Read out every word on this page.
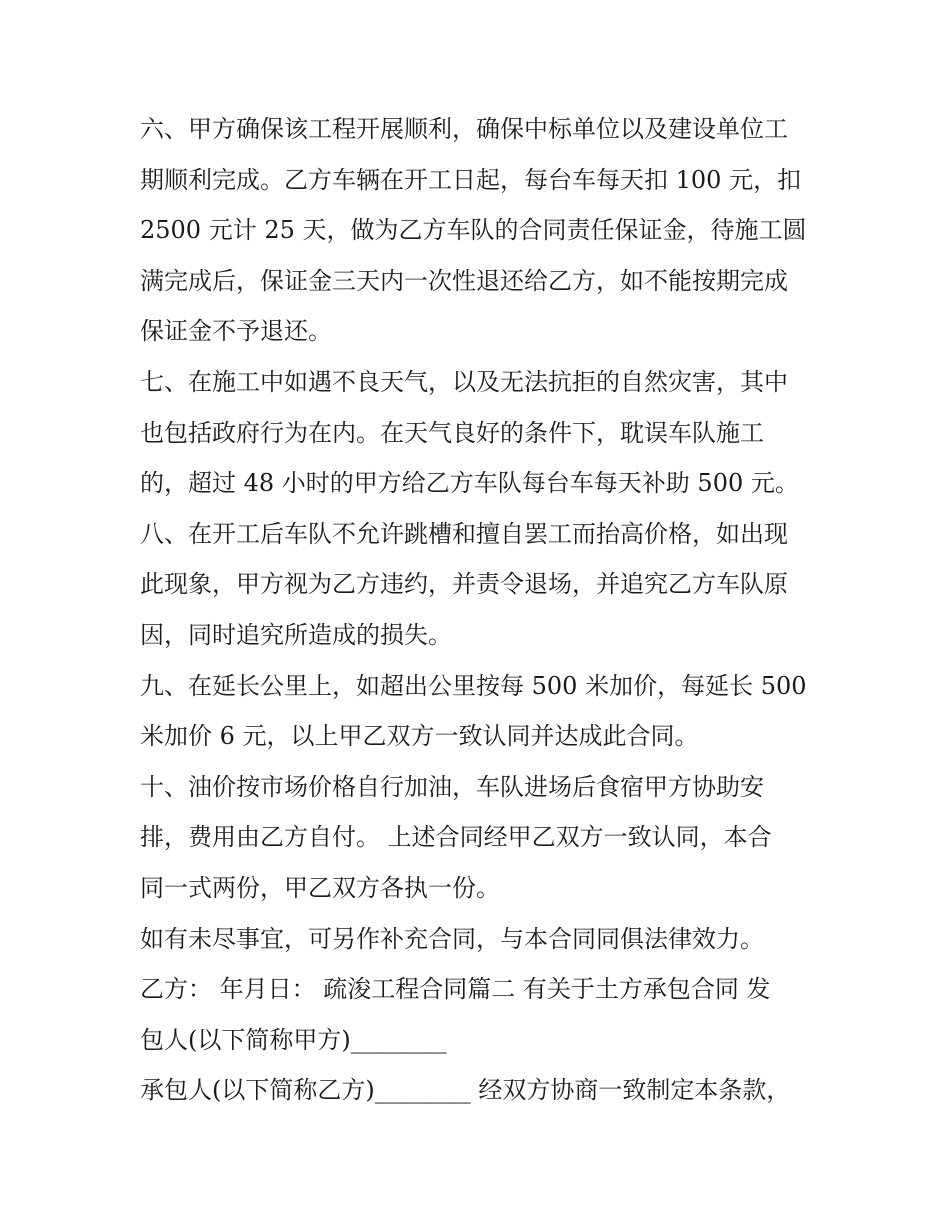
六、甲方确保该工程开展顺利，确保中标单位以及建设单位工
期顺利完成。乙方车辆在开工日起，每台车每天扣 100 元，扣
2500 元计 25 天，做为乙方车队的合同责任保证金，待施工圆
满完成后，保证金三天内一次性退还给乙方，如不能按期完成
保证金不予退还。

七、在施工中如遇不良天气，以及无法抗拒的自然灾害，其中
也包括政府行为在内。在天气良好的条件下，耽误车队施工
的，超过 48 小时的甲方给乙方车队每台车每天补助 500 元。

八、在开工后车队不允许跳槽和擅自罢工而抬高价格，如出现
此现象，甲方视为乙方违约，并责令退场，并追究乙方车队原
因，同时追究所造成的损失。

九、在延长公里上，如超出公里按每 500 米加价，每延长 500
米加价 6 元，以上甲乙双方一致认同并达成此合同。

十、油价按市场价格自行加油，车队进场后食宿甲方协助安
排，费用由乙方自付。 上述合同经甲乙双方一致认同，本合
同一式两份，甲乙双方各执一份。

如有未尽事宜，可另作补充合同，与本合同同俱法律效力。

乙方： 年月日： 疏浚工程合同篇二 有关于土方承包合同 发
包人(以下简称甲方)________

承包人(以下简称乙方)________ 经双方协商一致制定本条款，
